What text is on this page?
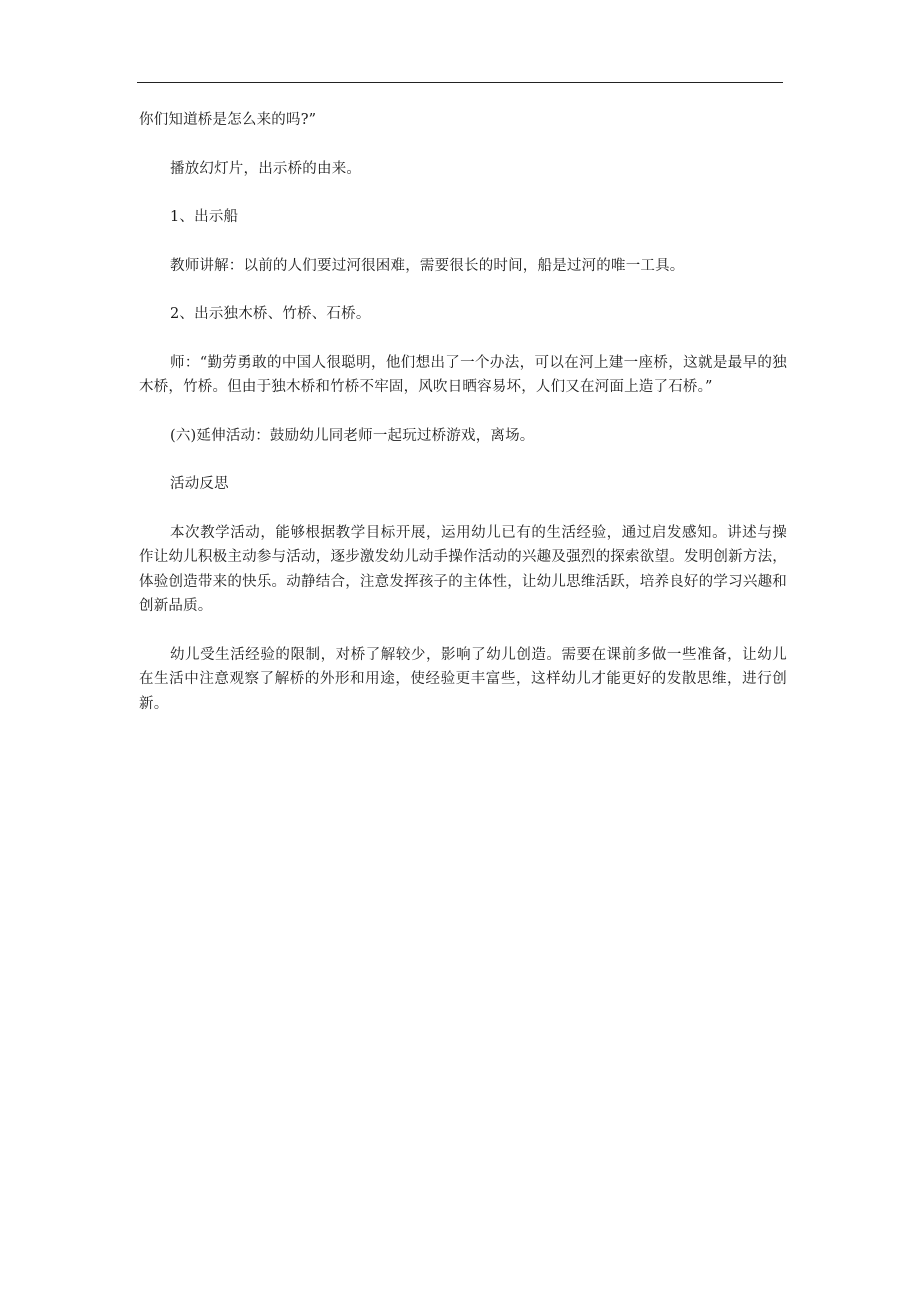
你们知道桥是怎么来的吗?”

播放幻灯片，出示桥的由来。

1、出示船

教师讲解：以前的人们要过河很困难，需要很长的时间，船是过河的唯一工具。

2、出示独木桥、竹桥、石桥。

师：“勤劳勇敢的中国人很聪明，他们想出了一个办法，可以在河上建一座桥，这就是最早的独木桥，竹桥。但由于独木桥和竹桥不牢固，风吹日晒容易坏，人们又在河面上造了石桥。”

(六)延伸活动：鼓励幼儿同老师一起玩过桥游戏，离场。

活动反思

本次教学活动，能够根据教学目标开展，运用幼儿已有的生活经验，通过启发感知。讲述与操作让幼儿积极主动参与活动，逐步激发幼儿动手操作活动的兴趣及强烈的探索欲望。发明创新方法，体验创造带来的快乐。动静结合，注意发挥孩子的主体性，让幼儿思维活跃，培养良好的学习兴趣和创新品质。

幼儿受生活经验的限制，对桥了解较少，影响了幼儿创造。需要在课前多做一些准备，让幼儿在生活中注意观察了解桥的外形和用途，使经验更丰富些，这样幼儿才能更好的发散思维，进行创新。
